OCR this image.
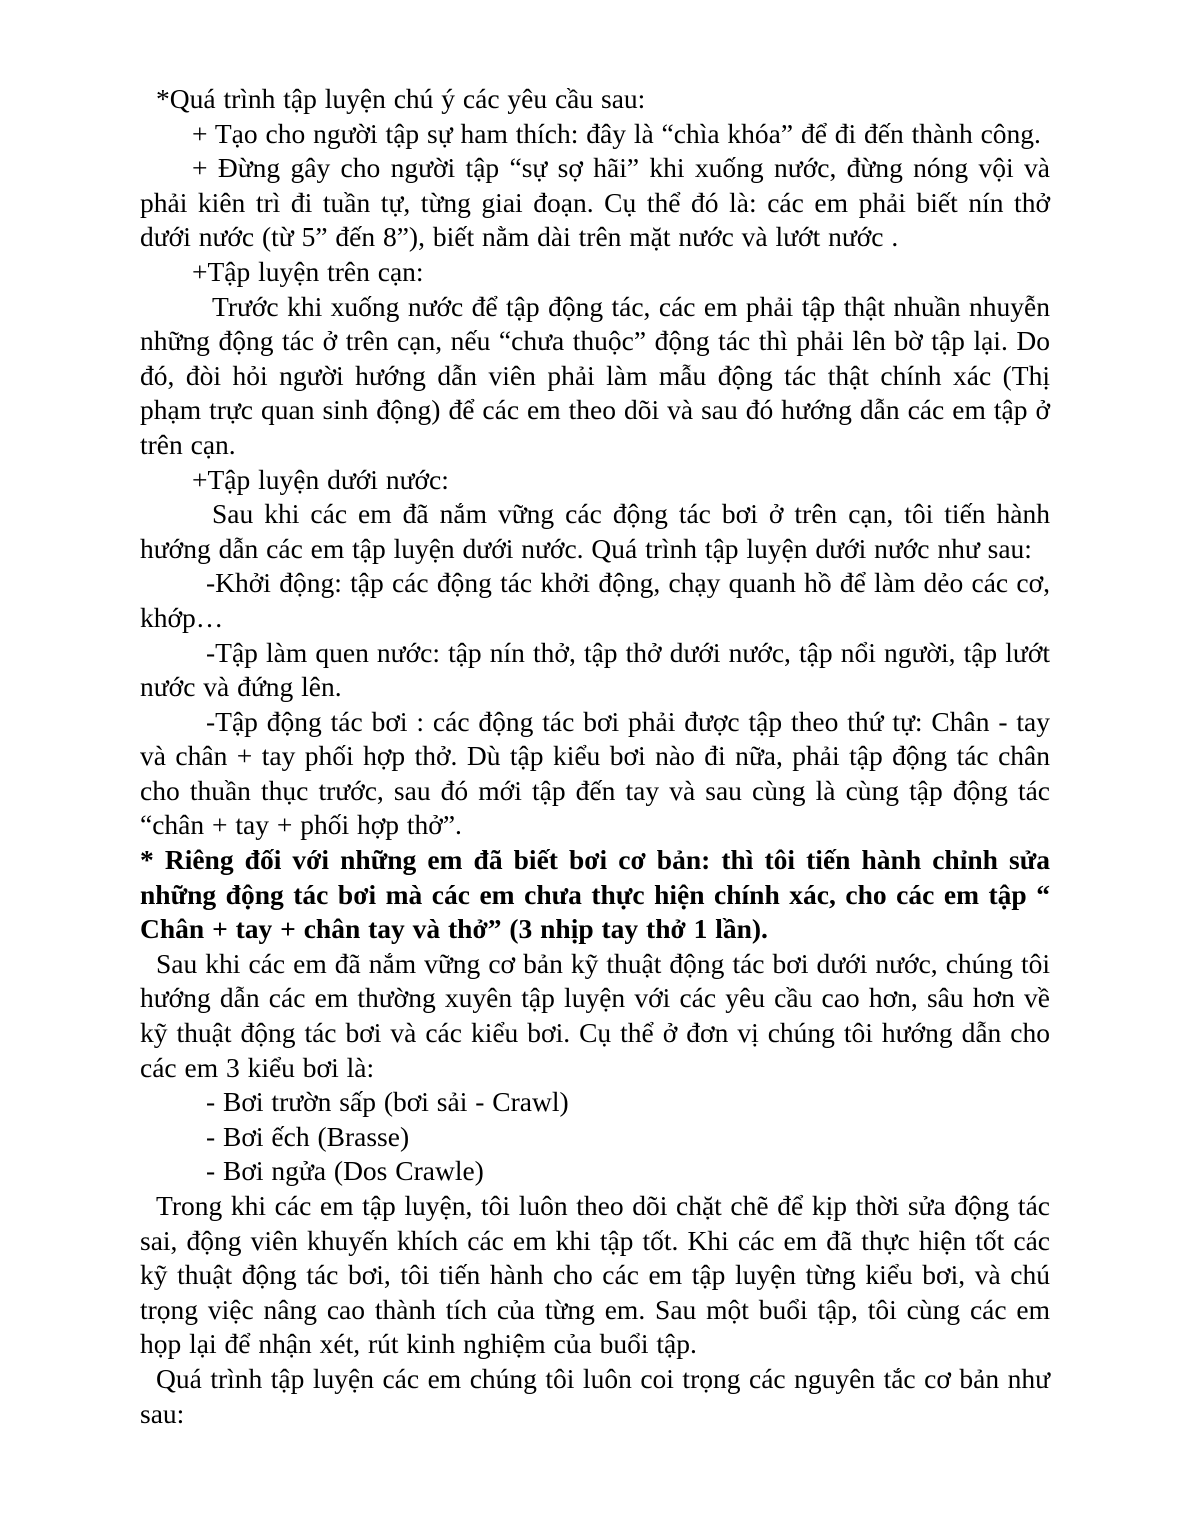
*Quá trình tập luyện chú ý các yêu cầu sau:

+ Tạo cho người tập sự ham thích: đây là “chìa khóa” để đi đến thành công.

+ Đừng gây cho người tập “sự sợ hãi” khi xuống nước, đừng nóng vội và phải kiên trì đi tuần tự, từng giai đoạn. Cụ thể đó là: các em phải biết nín thở dưới nước (từ 5” đến 8”), biết nằm dài trên mặt nước và lướt nước .

+Tập luyện trên cạn:

Trước khi xuống nước để tập động tác, các em phải tập thật nhuần nhuyễn những động tác ở trên cạn, nếu “chưa thuộc” động tác thì phải lên bờ tập lại. Do đó, đòi hỏi người hướng dẫn viên phải làm mẫu động tác thật chính xác (Thị phạm trực quan sinh động) để các em theo dõi và sau đó hướng dẫn các em tập ở trên cạn.

+Tập luyện dưới nước:

Sau khi các em đã nắm vững các động tác bơi ở trên cạn, tôi tiến hành hướng dẫn các em tập luyện dưới nước. Quá trình tập luyện dưới nước như sau:

-Khởi động: tập các động tác khởi động, chạy quanh hồ để làm dẻo các cơ, khớp…

-Tập làm quen nước: tập nín thở, tập thở dưới nước, tập nổi người, tập lướt nước và đứng lên.

-Tập động tác bơi : các động tác bơi phải được tập theo thứ tự: Chân - tay và chân + tay phối hợp thở. Dù tập kiểu bơi nào đi nữa, phải tập động tác chân cho thuần thục trước, sau đó mới tập đến tay và sau cùng là cùng tập động tác “chân + tay + phối hợp thở”.

* Riêng đối với những em đã biết bơi cơ bản: thì tôi tiến hành chỉnh sửa những động tác bơi mà các em chưa thực hiện chính xác, cho các em tập “ Chân + tay + chân tay và thở” (3 nhịp tay thở 1 lần).

Sau khi các em đã nắm vững cơ bản kỹ thuật động tác bơi dưới nước, chúng tôi hướng dẫn các em thường xuyên tập luyện với các yêu cầu cao hơn, sâu hơn về kỹ thuật động tác bơi và các kiểu bơi. Cụ thể ở đơn vị chúng tôi hướng dẫn cho các em 3 kiểu bơi là:

- Bơi trườn sấp (bơi sải - Crawl)

- Bơi ếch (Brasse)

- Bơi ngửa (Dos Crawle)

Trong khi các em tập luyện, tôi luôn theo dõi chặt chẽ để kịp thời sửa động tác sai, động viên khuyến khích các em khi tập tốt. Khi các em đã thực hiện tốt các kỹ thuật động tác bơi, tôi tiến hành cho các em tập luyện từng kiểu bơi, và chú trọng việc nâng cao thành tích của từng em. Sau một buổi tập, tôi cùng các em họp lại để nhận xét, rút kinh nghiệm của buổi tập.

Quá trình tập luyện các em chúng tôi luôn coi trọng các nguyên tắc cơ bản như sau:
